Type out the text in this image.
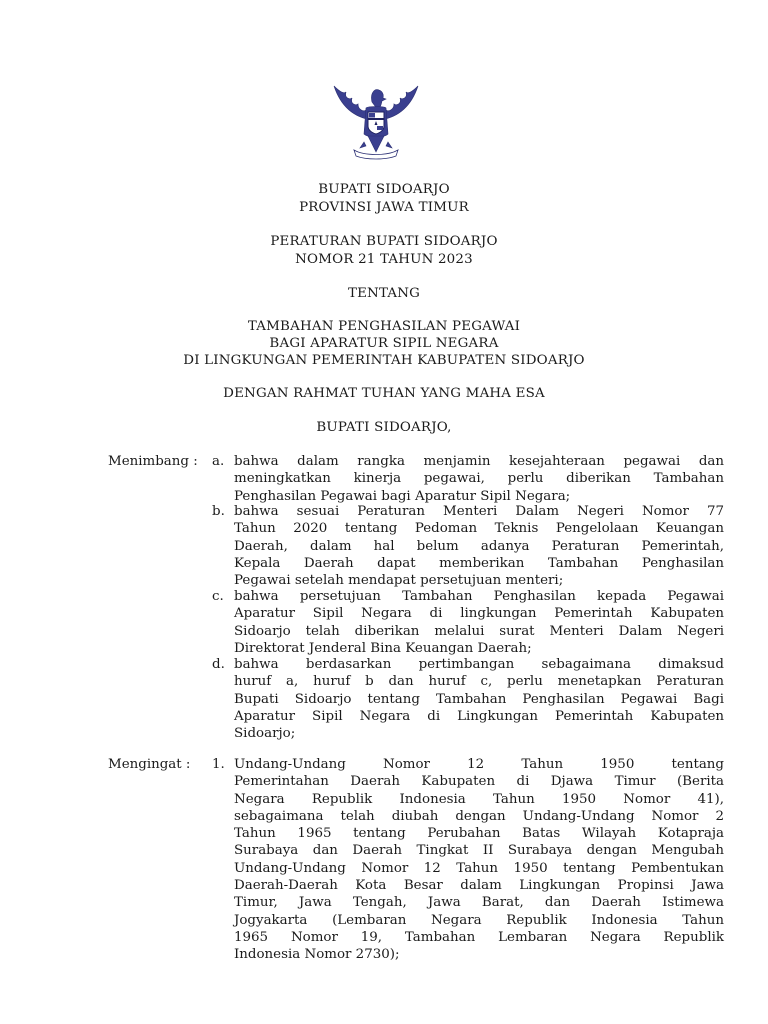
BUPATI SIDOARJO
PROVINSI JAWA TIMUR
PERATURAN BUPATI SIDOARJO
NOMOR 21 TAHUN 2023
TENTANG
TAMBAHAN PENGHASILAN PEGAWAI
BAGI APARATUR SIPIL NEGARA
DI LINGKUNGAN PEMERINTAH KABUPATEN SIDOARJO
DENGAN RAHMAT TUHAN YANG MAHA ESA
BUPATI SIDOARJO,
Menimbang : a. bahwa dalam rangka menjamin kesejahteraan pegawai dan
meningkatkan kinerja pegawai, perlu diberikan Tambahan
Penghasilan Pegawai bagi Aparatur Sipil Negara;
b. bahwa sesuai Peraturan Menteri Dalam Negeri Nomor 77
Tahun 2020 tentang Pedoman Teknis Pengelolaan Keuangan
Daerah, dalam hal belum adanya Peraturan Pemerintah,
Kepala Daerah dapat memberikan Tambahan Penghasilan
Pegawai setelah mendapat persetujuan menteri;
c. bahwa persetujuan Tambahan Penghasilan kepada Pegawai
Aparatur Sipil Negara di lingkungan Pemerintah Kabupaten
Sidoarjo telah diberikan melalui surat Menteri Dalam Negeri
Direktorat Jenderal Bina Keuangan Daerah;
d. bahwa berdasarkan pertimbangan sebagaimana dimaksud
huruf a, huruf b dan huruf c, perlu menetapkan Peraturan
Bupati Sidoarjo tentang Tambahan Penghasilan Pegawai Bagi
Aparatur Sipil Negara di Lingkungan Pemerintah Kabupaten
Sidoarjo;
Mengingat : 1. Undang-Undang Nomor 12 Tahun 1950 tentang
Pemerintahan Daerah Kabupaten di Djawa Timur (Berita
Negara Republik Indonesia Tahun 1950 Nomor 41),
sebagaimana telah diubah dengan Undang-Undang Nomor 2
Tahun 1965 tentang Perubahan Batas Wilayah Kotapraja
Surabaya dan Daerah Tingkat II Surabaya dengan Mengubah
Undang-Undang Nomor 12 Tahun 1950 tentang Pembentukan
Daerah-Daerah Kota Besar dalam Lingkungan Propinsi Jawa
Timur, Jawa Tengah, Jawa Barat, dan Daerah Istimewa
Jogyakarta (Lembaran Negara Republik Indonesia Tahun
1965 Nomor 19, Tambahan Lembaran Negara Republik
Indonesia Nomor 2730);
